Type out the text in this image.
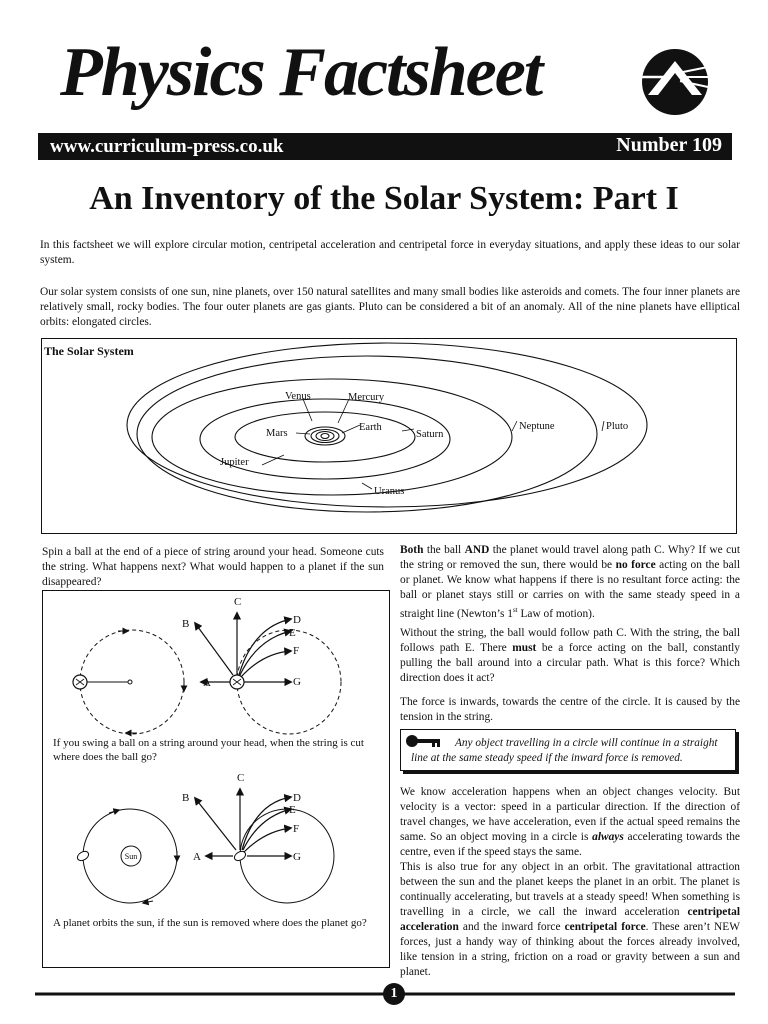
Physics Factsheet
www.curriculum-press.co.uk	Number 109
An Inventory of the Solar System: Part I
In this factsheet we will explore circular motion, centripetal acceleration and centripetal force in everyday situations, and apply these ideas to our solar system.
Our solar system consists of one sun, nine planets, over 150 natural satellites and many small bodies like asteroids and comets. The four inner planets are relatively small, rocky bodies. The four outer planets are gas giants. Pluto can be considered a bit of an anomaly. All of the nine planets have elliptical orbits: elongated circles.
Venus	Mercury
Mars
Earth
Saturn
Jupiter
Uranus
Neptune	Pluto
The Solar System
Spin a ball at the end of a piece of string around your head. Someone cuts the string. What happens next? What would happen to a planet if the sun disappeared?
A
B
C
D
E
F
G
If you swing a ball on a string around your head, when the string is cut where does the ball go?
Sun	A
B
C
D
E
F
G
A planet orbits the sun, if the sun is removed where does the planet go?
Both the ball AND the planet would travel along path C. Why? If we cut the string or removed the sun, there would be no force acting on the ball or planet. We know what happens if there is no resultant force acting: the ball or planet stays still or carries on with the same steady speed in a straight line (Newton’s 1st Law of motion).
Without the string, the ball would follow path C. With the string, the ball follows path E. There must be a force acting on the ball, constantly pulling the ball around into a circular path. What is this force? Which direction does it act?
The force is inwards, towards the centre of the circle. It is caused by the tension in the string.
Any object travelling in a circle will continue in a straight line at the same steady speed if the inward force is removed.
We know acceleration happens when an object changes velocity. But velocity is a vector: speed in a particular direction. If the direction of travel changes, we have acceleration, even if the actual speed remains the same. So an object moving in a circle is always accelerating towards the centre, even if the speed stays the same.
This is also true for any object in an orbit. The gravitational attraction between the sun and the planet keeps the planet in an orbit. The planet is continually accelerating, but travels at a steady speed! When something is travelling in a circle, we call the inward acceleration centripetal acceleration and the inward force centripetal force. These aren’t NEW forces, just a handy way of thinking about the forces already involved, like tension in a string, friction on a road or gravity between a sun and planet.
1
